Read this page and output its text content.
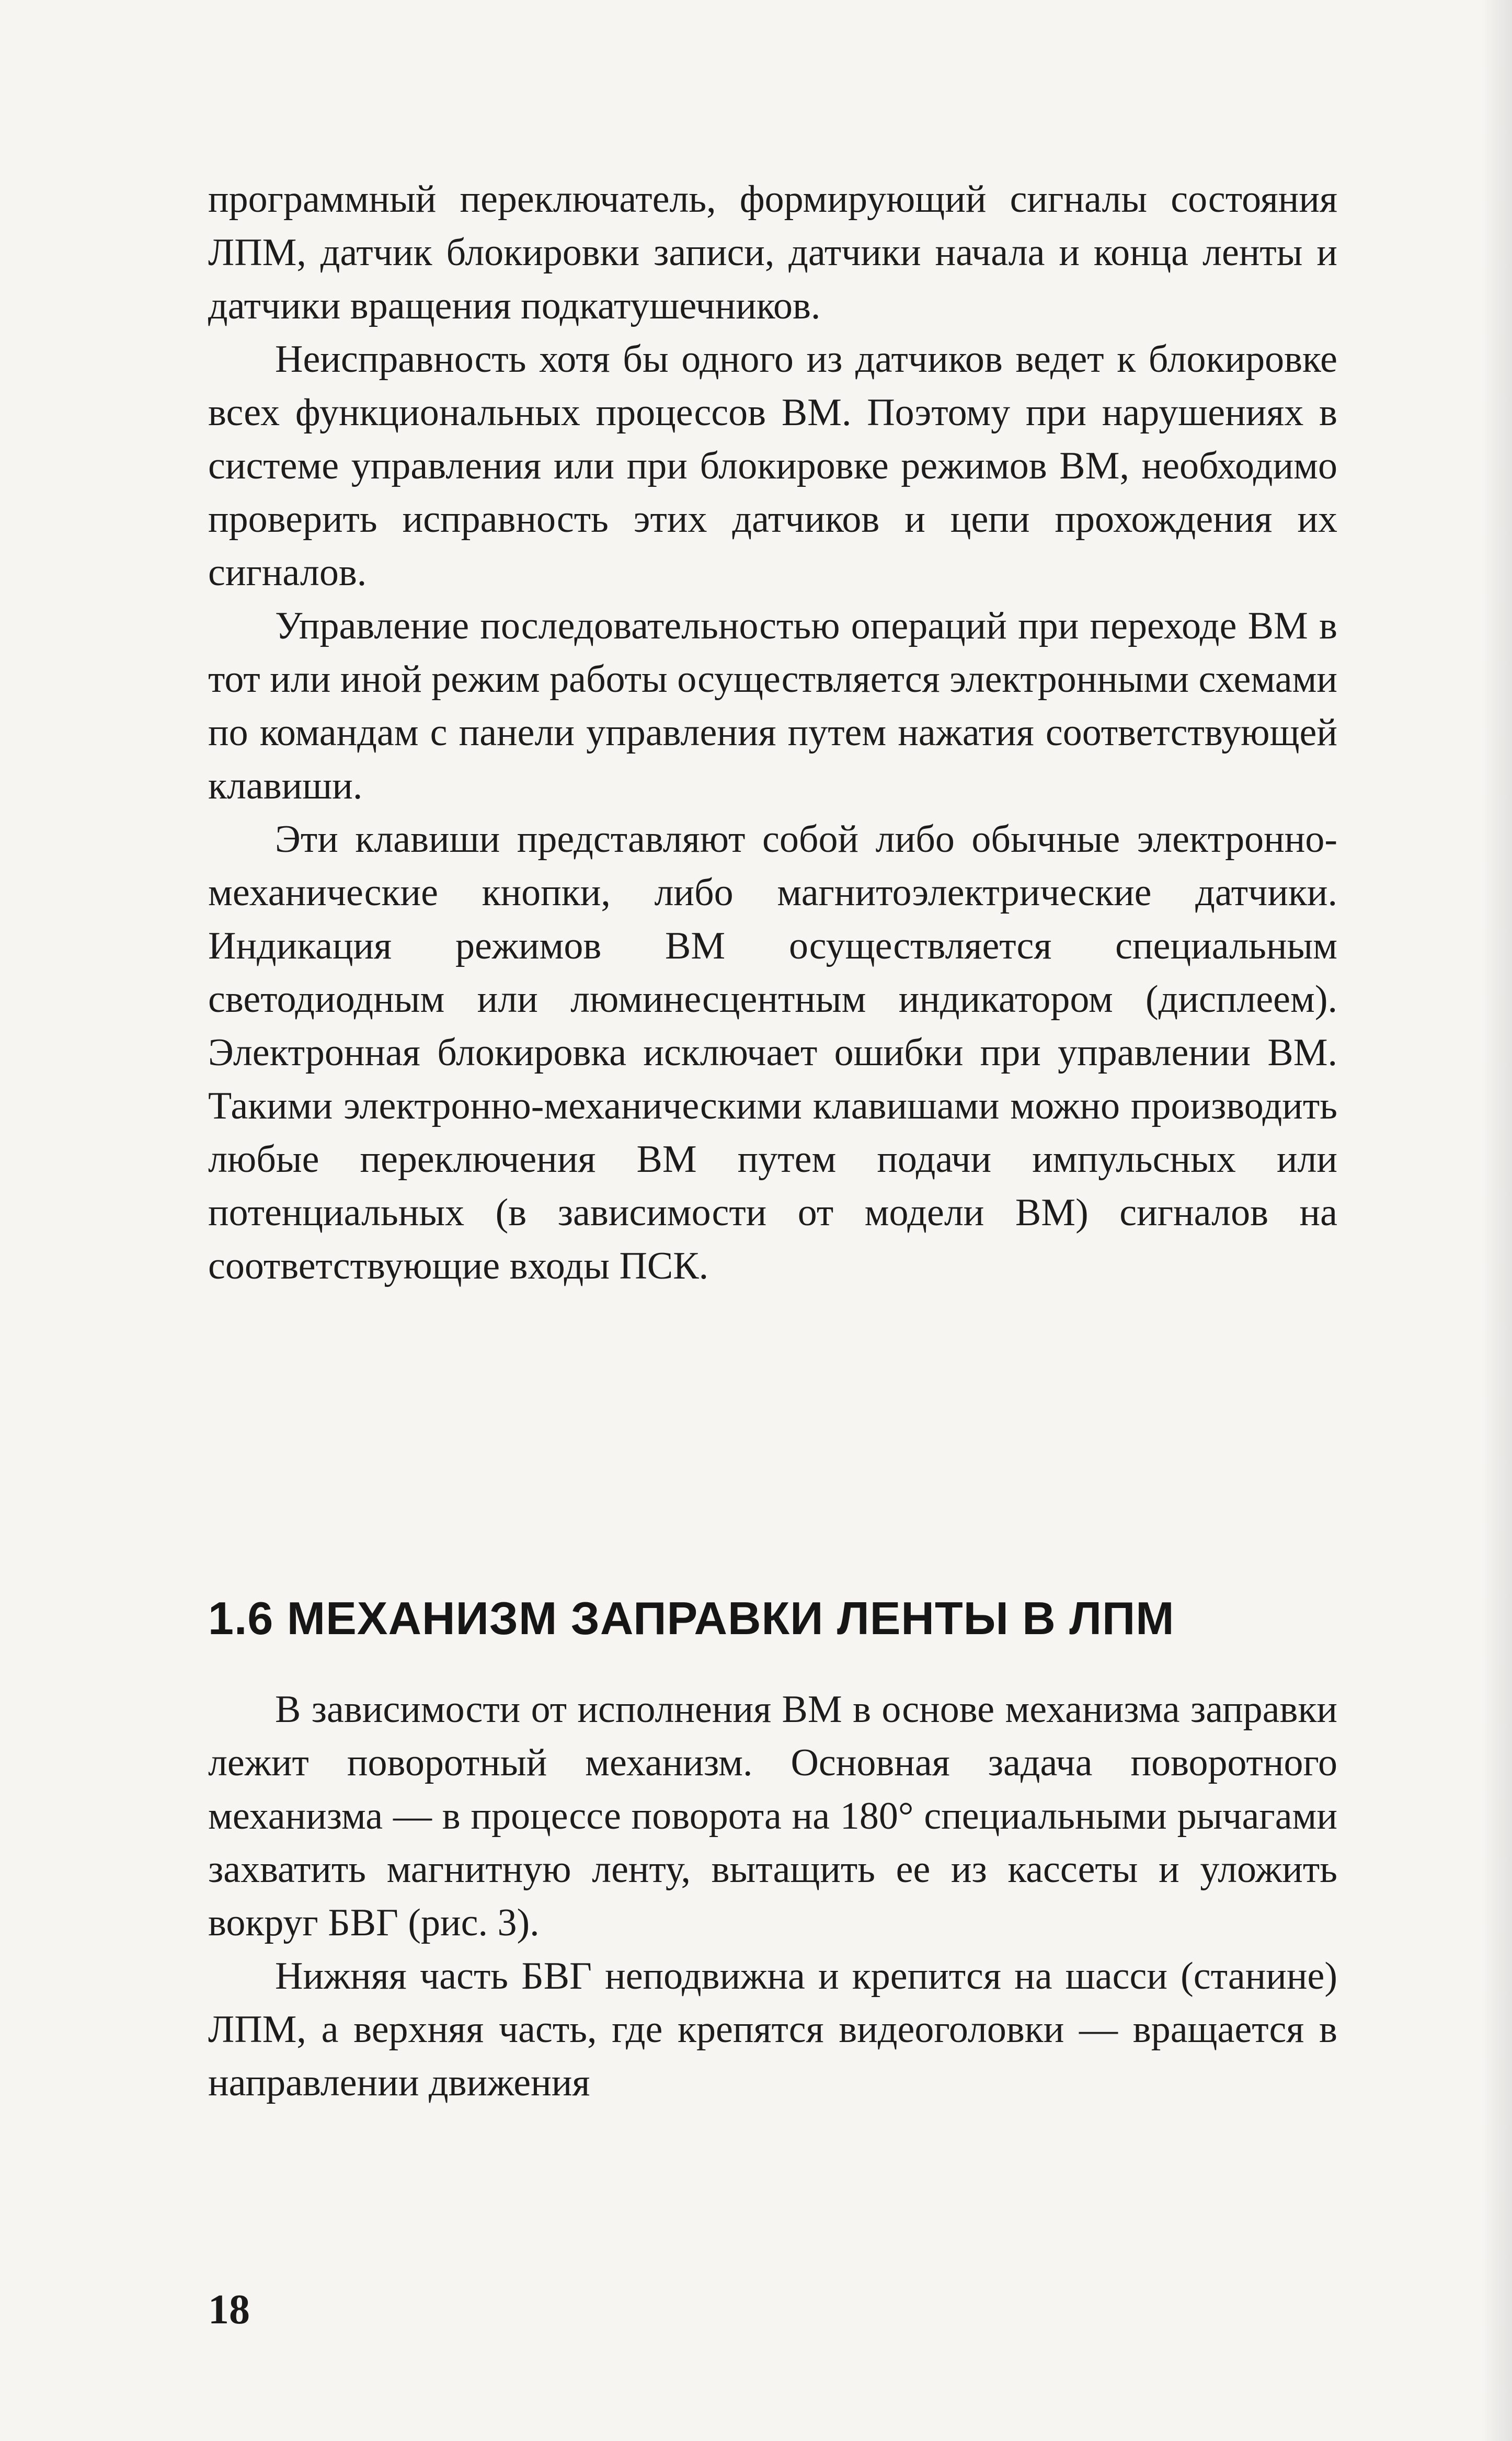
программный переключатель, формирующий сигналы состояния ЛПМ, датчик блокировки записи, датчики начала и конца ленты и датчики вращения подкатушечников.

Неисправность хотя бы одного из датчиков ведет к блокировке всех функциональных процессов ВМ. Поэтому при нарушениях в системе управления или при блокировке режимов ВМ, необходимо проверить исправность этих датчиков и цепи прохождения их сигналов.

Управление последовательностью операций при переходе ВМ в тот или иной режим работы осуществляется электронными схемами по командам с панели управления путем нажатия соответствующей клавиши.

Эти клавиши представляют собой либо обычные электронно-механические кнопки, либо магнитоэлектрические датчики. Индикация режимов ВМ осуществляется специальным светодиодным или люминесцентным индикатором (дисплеем). Электронная блокировка исключает ошибки при управлении ВМ. Такими электронно-механическими клавишами можно производить любые переключения ВМ путем подачи импульсных или потенциальных (в зависимости от модели ВМ) сигналов на соответствующие входы ПСК.

1.6 МЕХАНИЗМ ЗАПРАВКИ ЛЕНТЫ В ЛПМ

В зависимости от исполнения ВМ в основе механизма заправки лежит поворотный механизм. Основная задача поворотного механизма — в процессе поворота на 180° специальными рычагами захватить магнитную ленту, вытащить ее из кассеты и уложить вокруг БВГ (рис. 3).

Нижняя часть БВГ неподвижна и крепится на шасси (станине) ЛПМ, а верхняя часть, где крепятся видеоголовки — вращается в направлении движения

18
